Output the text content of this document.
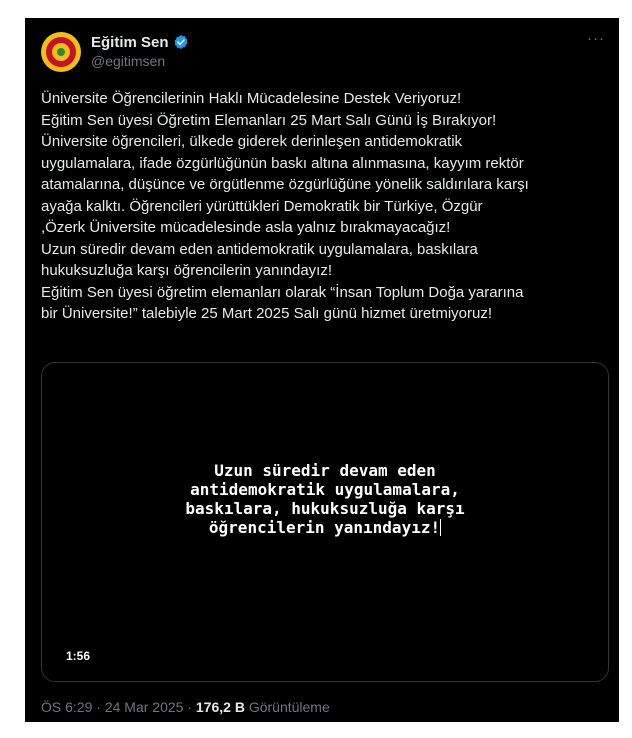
Eğitim Sen
@egitimsen
···
Üniversite Öğrencilerinin Haklı Mücadelesine Destek Veriyoruz!
Eğitim Sen üyesi Öğretim Elemanları 25 Mart Salı Günü İş Bırakıyor!
Üniversite öğrencileri, ülkede giderek derinleşen antidemokratik
uygulamalara, ifade özgürlüğünün baskı altına alınmasına, kayyım rektör
atamalarına, düşünce ve örgütlenme özgürlüğüne yönelik saldırılara karşı
ayağa kalktı. Öğrencileri yürüttükleri Demokratik bir Türkiye, Özgür
,Özerk Üniversite mücadelesinde asla yalnız bırakmayacağız!
Uzun süredir devam eden antidemokratik uygulamalara, baskılara
hukuksuzluğa karşı öğrencilerin yanındayız!
Eğitim Sen üyesi öğretim elemanları olarak “İnsan Toplum Doğa yararına
bir Üniversite!” talebiyle 25 Mart 2025 Salı günü hizmet üretmiyoruz!
Uzun süredir devam eden
antidemokratik uygulamalara,
baskılara, hukuksuzluğa karşı
öğrencilerin yanındayız!
1:56
ÖS 6:29 · 24 Mar 2025 · 176,2 B Görüntüleme
